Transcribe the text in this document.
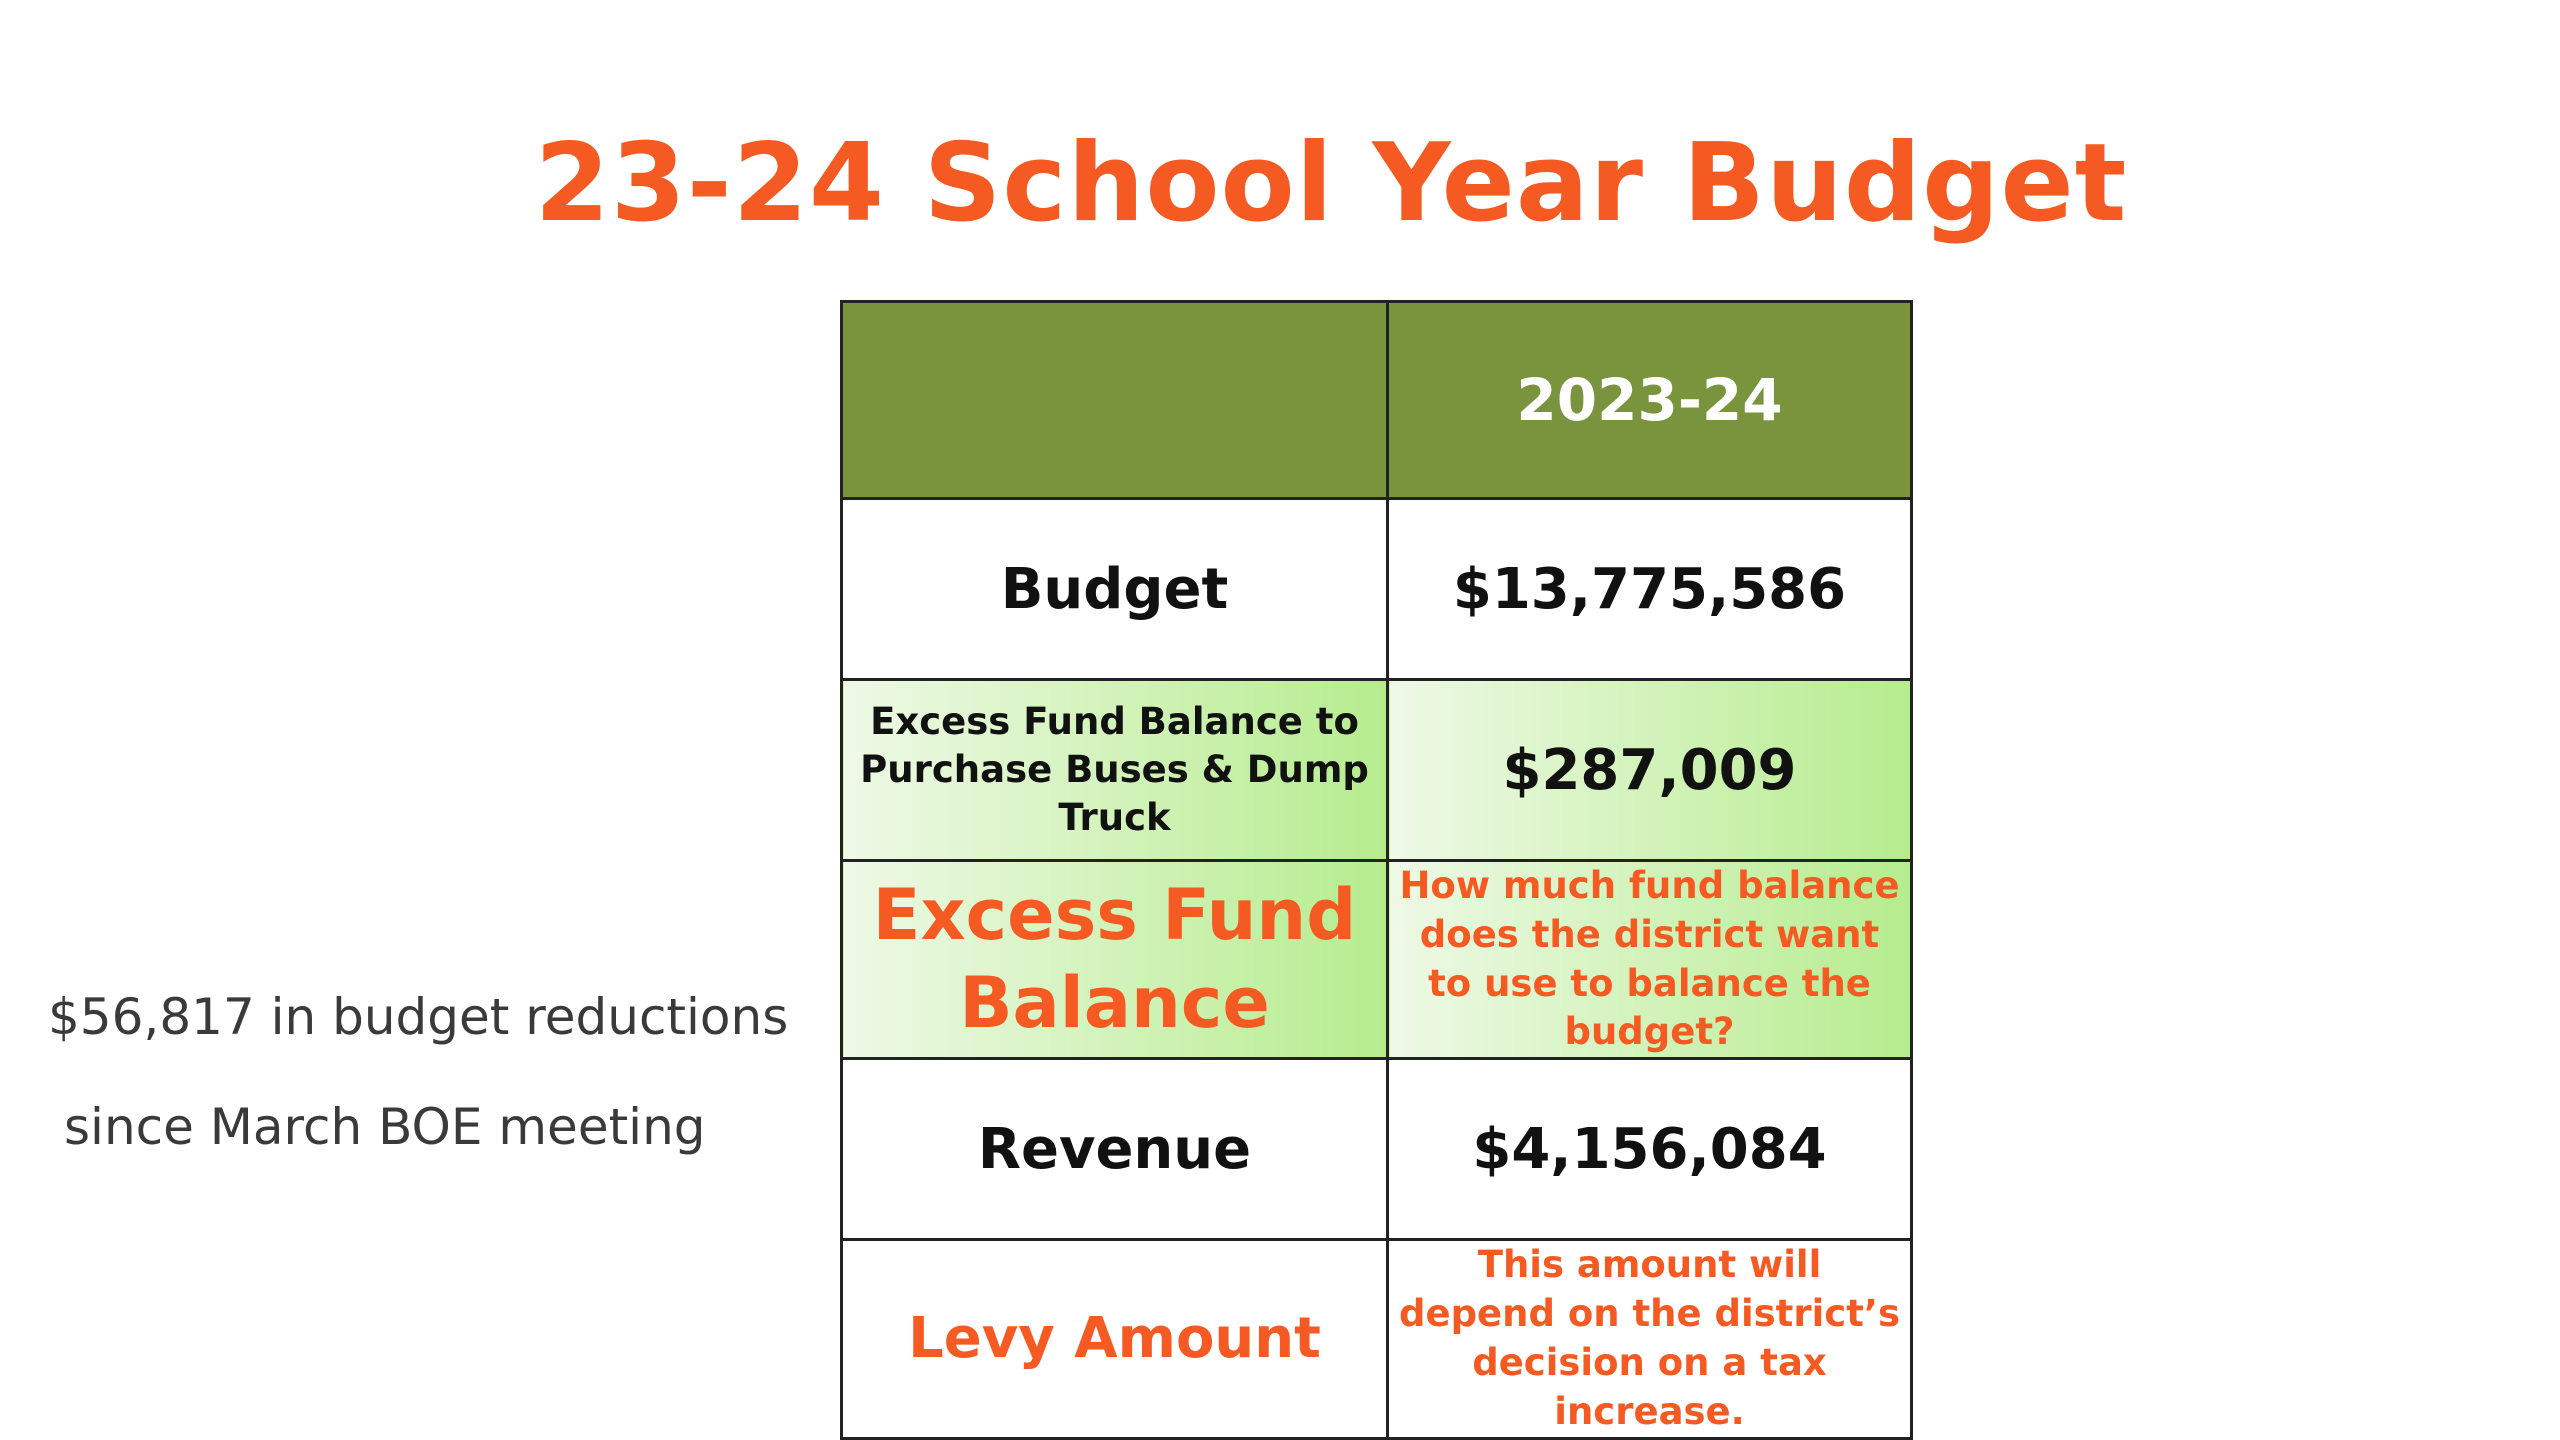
23-24 School Year Budget
	2023-24
Budget	$13,775,586
Excess Fund Balance to Purchase Buses & Dump Truck	$287,009
Excess Fund Balance	How much fund balance does the district want to use to balance the budget?
Revenue	$4,156,084
Levy Amount	This amount will depend on the district’s decision on a tax increase.
$56,817 in budget reductions
since March BOE meeting
